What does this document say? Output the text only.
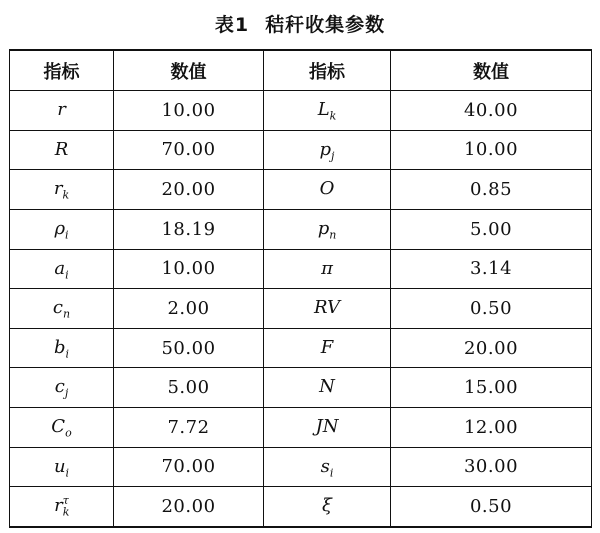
表1 秸秆收集参数
指标	数值	指标	数值
r	10.00	$L_k$	40.00
R	70.00	$p_j$	10.00
$r_k$	20.00	O	0.85
$\rho_i$	18.19	$p_n$	5.00
$a_i$	10.00	π	3.14
$c_n$	2.00	RV	0.50
$b_i$	50.00	F	20.00
$c_j$	5.00	N	15.00
$C_o$	7.72	JN	12.00
$u_i$	70.00	$s_i$	30.00
$r_k^\tau$	20.00	ξ	0.50
